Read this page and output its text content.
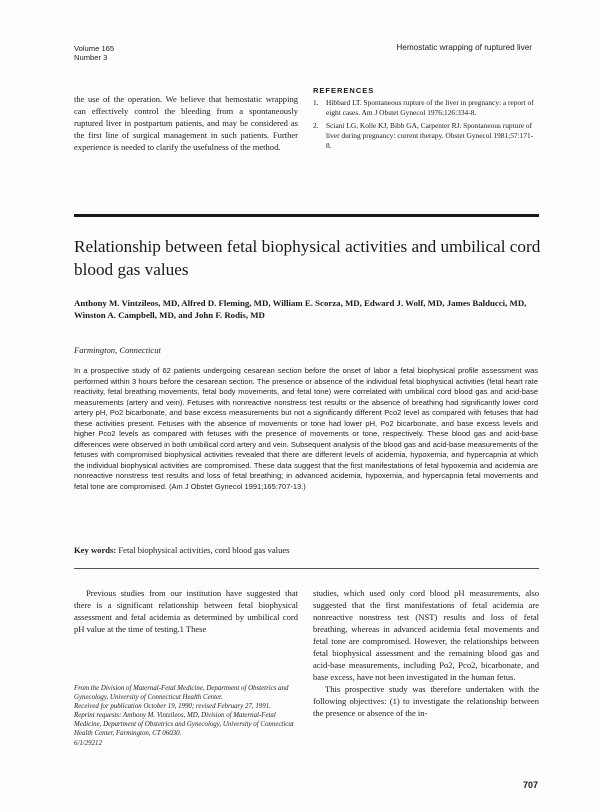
Volume 165
Number 3
Hemostatic wrapping of ruptured liver

the use of the operation. We believe that hemostatic wrapping can effectively control the bleeding from a spontaneously ruptured liver in postpartum patients, and may be considered as the first line of surgical management in such patients. Further experience is needed to clarify the usefulness of the method.

REFERENCES
1. Hibbard LT. Spontaneous rupture of the liver in pregnancy: a report of eight cases. Am J Obstet Gynecol 1976;126:334-8.
2. Sciani LG, Kolle KJ, Bibb GA, Carpenter RJ. Spontaneous rupture of liver during pregnancy: current therapy. Obstet Gynecol 1981;57:171-8.
Relationship between fetal biophysical activities and umbilical cord blood gas values

Anthony M. Vintzileos, MD, Alfred D. Fleming, MD, William E. Scorza, MD, Edward J. Wolf, MD, James Balducci, MD, Winston A. Campbell, MD, and John F. Rodis, MD

Farmington, Connecticut

In a prospective study of 62 patients undergoing cesarean section before the onset of labor a fetal biophysical profile assessment was performed within 3 hours before the cesarean section. The presence or absence of the individual fetal biophysical activities (fetal heart rate reactivity, fetal breathing movements, fetal body movements, and fetal tone) were correlated with umbilical cord blood gas and acid-base measurements (artery and vein). Fetuses with nonreactive nonstress test results or the absence of breathing had significantly lower cord artery pH, Po2 bicarbonate, and base excess measurements but not a significantly different Pco2 level as compared with fetuses that had these activities present. Fetuses with the absence of movements or tone had lower pH, Po2 bicarbonate, and base excess levels and higher Pco2 levels as compared with fetuses with the presence of movements or tone, respectively. These blood gas and acid-base differences were observed in both umbilical cord artery and vein. Subsequent analysis of the blood gas and acid-base measurements of the fetuses with compromised biophysical activities revealed that there are different levels of acidemia, hypoxemia, and hypercapnia at which the individual biophysical activities are compromised. These data suggest that the first manifestations of fetal hypoxemia and acidemia are nonreactive nonstress test results and loss of fetal breathing; in advanced acidemia, hypoxemia, and hypercapnia fetal movements and fetal tone are compromised. (Am J Obstet Gynecol 1991;165:707-13.)

Key words: Fetal biophysical activities, cord blood gas values

Previous studies from our institution have suggested that there is a significant relationship between fetal biophysical assessment and fetal acidemia as determined by umbilical cord pH value at the time of testing.1 These

From the Division of Maternal-Fetal Medicine, Department of Obstetrics and Gynecology, University of Connecticut Health Center.

Received for publication October 19, 1990; revised February 27, 1991.

Reprint requests: Anthony M. Vintzileos, MD, Division of Maternal-Fetal Medicine, Department of Obstetrics and Gynecology, University of Connecticut Health Center, Farmington, CT 06030.

6/1/29212

studies, which used only cord blood pH measurements, also suggested that the first manifestations of fetal acidemia are nonreactive nonstress test (NST) results and loss of fetal breathing, whereas in advanced acidemia fetal movements and fetal tone are compromised. However, the relationships between fetal biophysical assessment and the remaining blood gas and acid-base measurements, including Po2, Pco2, bicarbonate, and base excess, have not been investigated in the human fetus.

This prospective study was therefore undertaken with the following objectives: (1) to investigate the relationship between the presence or absence of the in-

707
